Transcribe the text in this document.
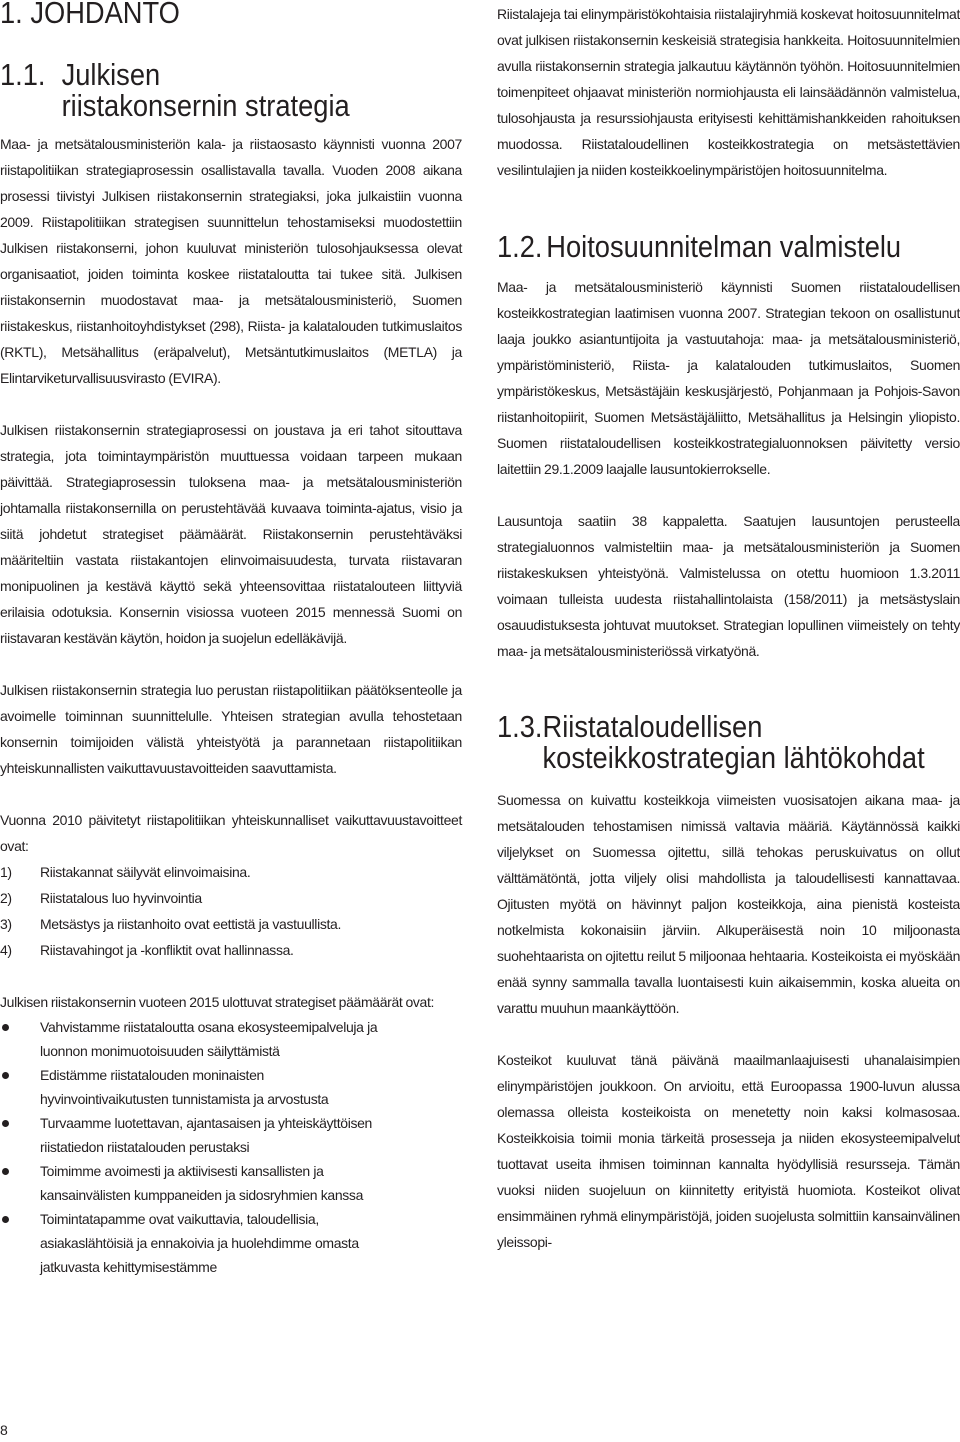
1. JOHDANTO
1.1. Julkisen
riistakonsernin strategia

Maa- ja metsätalousministeriön kala- ja riistaosasto käynnisti vuonna 2007 riistapolitiikan strategiaprosessin osallistavalla tavalla. Vuoden 2008 aikana prosessi tiivistyi Julkisen riistakonsernin strategiaksi, joka julkaistiin vuonna 2009. Riistapolitiikan strategisen suunnittelun tehostamiseksi muodostettiin Julkisen riistakonserni, johon kuuluvat ministeriön tulosohjauksessa olevat organisaatiot, joiden toiminta koskee riistataloutta tai tukee sitä. Julkisen riistakonsernin muodostavat maa- ja metsätalousministeriö, Suomen riistakeskus, riistanhoitoyhdistykset (298), Riista- ja kalatalouden tutkimuslaitos (RKTL), Metsähallitus (eräpalvelut), Metsäntutkimuslaitos (METLA) ja Elintarviketurvallisuusvirasto (EVIRA).

Julkisen riistakonsernin strategiaprosessi on joustava ja eri tahot sitouttava strategia, jota toimintaympäristön muuttuessa voidaan tarpeen mukaan päivittää. Strategiaprosessin tuloksena maa- ja metsätalousministeriön johtamalla riistakonsernilla on perustehtävää kuvaava toiminta-ajatus, visio ja siitä johdetut strategiset päämäärät. Riistakonsernin perustehtäväksi määriteltiin vastata riistakantojen elinvoimaisuudesta, turvata riistavaran monipuolinen ja kestävä käyttö sekä yhteensovittaa riistatalouteen liittyviä erilaisia odotuksia. Konsernin visiossa vuoteen 2015 mennessä Suomi on riistavaran kestävän käytön, hoidon ja suojelun edelläkävijä.

Julkisen riistakonsernin strategia luo perustan riistapolitiikan päätöksenteolle ja avoimelle toiminnan suunnittelulle. Yhteisen strategian avulla tehostetaan konsernin toimijoiden välistä yhteistyötä ja parannetaan riistapolitiikan yhteiskunnallisten vaikuttavuustavoitteiden saavuttamista.

Vuonna 2010 päivitetyt riistapolitiikan yhteiskunnalliset vaikuttavuustavoitteet ovat:

1) Riistakannat säilyvät elinvoimaisina.
2) Riistatalous luo hyvinvointia
3) Metsästys ja riistanhoito ovat eettistä ja vastuullista.
4) Riistavahingot ja -konfliktit ovat hallinnassa.

Julkisen riistakonsernin vuoteen 2015 ulottuvat strategiset päämäärät ovat:

Vahvistamme riistataloutta osana ekosysteemipalveluja ja
luonnon monimuotoisuuden säilyttämistä
Edistämme riistatalouden moninaisten
hyvinvointivaikutusten tunnistamista ja arvostusta
Turvaamme luotettavan, ajantasaisen ja yhteiskäyttöisen
riistatiedon riistatalouden perustaksi
Toimimme avoimesti ja aktiivisesti kansallisten ja
kansainvälisten kumppaneiden ja sidosryhmien kanssa
Toimintatapamme ovat vaikuttavia, taloudellisia,
asiakaslähtöisiä ja ennakoivia ja huolehdimme omasta
jatkuvasta kehittymisestämme
8

Riistalajeja tai elinympäristökohtaisia riistalajiryhmiä koskevat hoitosuunnitelmat ovat julkisen riistakonsernin keskeisiä strategisia hankkeita. Hoitosuunnitelmien avulla riistakonsernin strategia jalkautuu käytännön työhön. Hoitosuunnitelmien toimenpiteet ohjaavat ministeriön normiohjausta eli lainsäädännön valmistelua, tulosohjausta ja resurssiohjausta erityisesti kehittämishankkeiden rahoituksen muodossa. Riistataloudellinen kosteikkostrategia on metsästettävien vesilintulajien ja niiden kosteikkoelinympäristöjen hoitosuunnitelma.

1.2. Hoitosuunnitelman valmistelu

Maa- ja metsätalousministeriö käynnisti Suomen riistataloudellisen kosteikkostrategian laatimisen vuonna 2007. Strategian tekoon on osallistunut laaja joukko asiantuntijoita ja vastuutahoja: maa- ja metsätalousministeriö, ympäristöministeriö, Riista- ja kalatalouden tutkimuslaitos, Suomen ympäristökeskus, Metsästäjäin keskusjärjestö, Pohjanmaan ja Pohjois-Savon riistanhoitopiirit, Suomen Metsästäjäliitto, Metsähallitus ja Helsingin yliopisto. Suomen riistataloudellisen kosteikkostrategialuonnoksen päivitetty versio laitettiin 29.1.2009 laajalle lausuntokierrokselle.

Lausuntoja saatiin 38 kappaletta. Saatujen lausuntojen perusteella strategialuonnos valmisteltiin maa- ja metsätalousministeriön ja Suomen riistakeskuksen yhteistyönä. Valmistelussa on otettu huomioon 1.3.2011 voimaan tulleista uudesta riistahallintolaista (158/2011) ja metsästyslain osauudistuksesta johtuvat muutokset. Strategian lopullinen viimeistely on tehty maa- ja metsätalousministeriössä virkatyönä.

1.3. Riistataloudellisen
kosteikkostrategian lähtökohdat

Suomessa on kuivattu kosteikkoja viimeisten vuosisatojen aikana maa- ja metsätalouden tehostamisen nimissä valtavia määriä. Käytännössä kaikki viljelykset on Suomessa ojitettu, sillä tehokas peruskuivatus on ollut välttämätöntä, jotta viljely olisi mahdollista ja taloudellisesti kannattavaa. Ojitusten myötä on hävinnyt paljon kosteikkoja, aina pienistä kosteista notkelmista kokonaisiin järviin. Alkuperäisestä noin 10 miljoonasta suohehtaarista on ojitettu reilut 5 miljoonaa hehtaaria. Kosteikoista ei myöskään enää synny sammalla tavalla luontaisesti kuin aikaisemmin, koska alueita on varattu muuhun maankäyttöön.

Kosteikot kuuluvat tänä päivänä maailmanlaajuisesti uhanalaisimpien elinympäristöjen joukkoon. On arvioitu, että Euroopassa 1900-luvun alussa olemassa olleista kosteikoista on menetetty noin kaksi kolmasosaa. Kosteikkoisia toimii monia tärkeitä prosesseja ja niiden ekosysteemipalvelut tuottavat useita ihmisen toiminnan kannalta hyödyllisiä resursseja. Tämän vuoksi niiden suojeluun on kiinnitetty erityistä huomiota. Kosteikot olivat ensimmäinen ryhmä elinympäristöjä, joiden suojelusta solmittiin kansainvälinen yleissopi-
